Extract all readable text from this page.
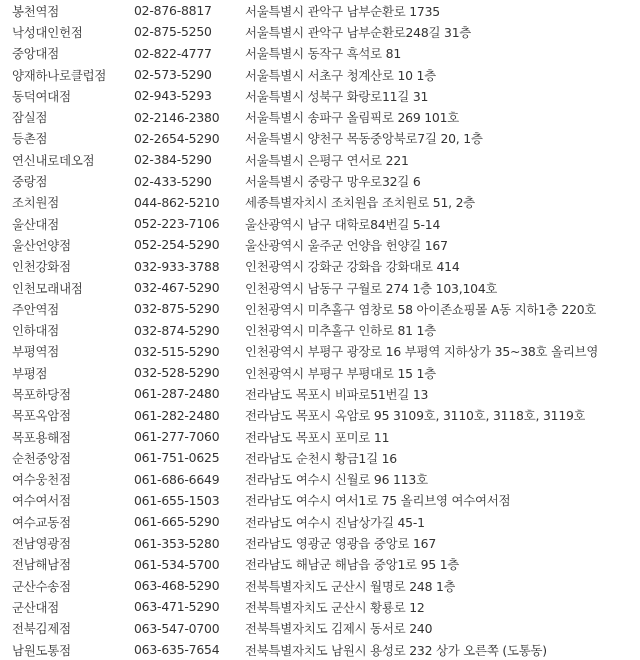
봉천역점	02-876-8817	서울특별시 관악구 남부순환로 1735
낙성대인헌점	02-875-5250	서울특별시 관악구 남부순환로248길 31층
중앙대점	02-822-4777	서울특별시 동작구 흑석로 81
양재하나로클럽점	02-573-5290	서울특별시 서초구 청계산로 10 1층
동덕여대점	02-943-5293	서울특별시 성북구 화랑로11길 31
잠실점	02-2146-2380	서울특별시 송파구 올림픽로 269 101호
등촌점	02-2654-5290	서울특별시 양천구 목동중앙북로7길 20, 1층
연신내로데오점	02-384-5290	서울특별시 은평구 연서로 221
중랑점	02-433-5290	서울특별시 중랑구 망우로32길 6
조치원점	044-862-5210	세종특별자치시 조치원읍 조치원로 51, 2층
울산대점	052-223-7106	울산광역시 남구 대학로84번길 5-14
울산언양점	052-254-5290	울산광역시 울주군 언양읍 헌양길 167
인천강화점	032-933-3788	인천광역시 강화군 강화읍 강화대로 414
인천모래내점	032-467-5290	인천광역시 남동구 구월로 274 1층 103,104호
주안역점	032-875-5290	인천광역시 미추홀구 염창로 58 아이존쇼핑몰 A동 지하1층 220호
인하대점	032-874-5290	인천광역시 미추홀구 인하로 81 1층
부평역점	032-515-5290	인천광역시 부평구 광장로 16 부평역 지하상가 35~38호 올리브영
부평점	032-528-5290	인천광역시 부평구 부평대로 15 1층
목포하당점	061-287-2480	전라남도 목포시 비파로51번길 13
목포옥암점	061-282-2480	전라남도 목포시 옥암로 95 3109호, 3110호, 3118호, 3119호
목포용해점	061-277-7060	전라남도 목포시 포미로 11
순천중앙점	061-751-0625	전라남도 순천시 황금1길 16
여수웅천점	061-686-6649	전라남도 여수시 신월로 96 113호
여수여서점	061-655-1503	전라남도 여수시 여서1로 75 올리브영 여수여서점
여수교동점	061-665-5290	전라남도 여수시 진남상가길 45-1
전남영광점	061-353-5280	전라남도 영광군 영광읍 중앙로 167
전남해남점	061-534-5700	전라남도 해남군 해남읍 중앙1로 95 1층
군산수송점	063-468-5290	전북특별자치도 군산시 월명로 248 1층
군산대점	063-471-5290	전북특별자치도 군산시 황룡로 12
전북김제점	063-547-0700	전북특별자치도 김제시 동서로 240
남원도통점	063-635-7654	전북특별자치도 남원시 용성로 232 상가 오른쪽 (도통동)
